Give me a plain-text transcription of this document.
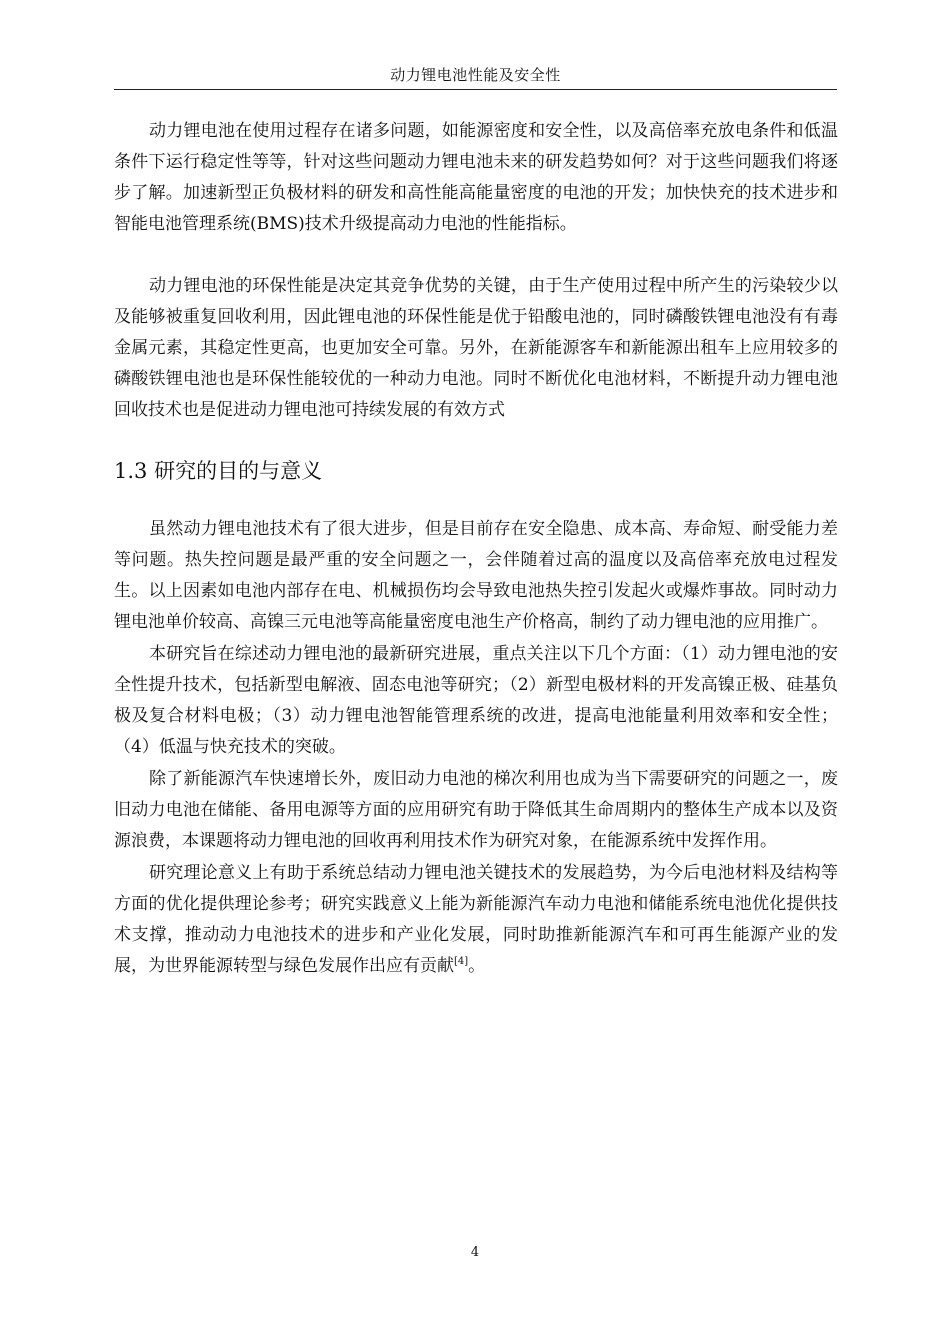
动力锂电池性能及安全性

动力锂电池在使用过程存在诸多问题，如能源密度和安全性，以及高倍率充放电条件和低温条件下运行稳定性等等，针对这些问题动力锂电池未来的研发趋势如何？对于这些问题我们将逐步了解。加速新型正负极材料的研发和高性能高能量密度的电池的开发；加快快充的技术进步和智能电池管理系统(BMS)技术升级提高动力电池的性能指标。

动力锂电池的环保性能是决定其竞争优势的关键，由于生产使用过程中所产生的污染较少以及能够被重复回收利用，因此锂电池的环保性能是优于铅酸电池的，同时磷酸铁锂电池没有有毒金属元素，其稳定性更高，也更加安全可靠。另外，在新能源客车和新能源出租车上应用较多的磷酸铁锂电池也是环保性能较优的一种动力电池。同时不断优化电池材料，不断提升动力锂电池回收技术也是促进动力锂电池可持续发展的有效方式

1.3 研究的目的与意义

虽然动力锂电池技术有了很大进步，但是目前存在安全隐患、成本高、寿命短、耐受能力差等问题。热失控问题是最严重的安全问题之一，会伴随着过高的温度以及高倍率充放电过程发生。以上因素如电池内部存在电、机械损伤均会导致电池热失控引发起火或爆炸事故。同时动力锂电池单价较高、高镍三元电池等高能量密度电池生产价格高，制约了动力锂电池的应用推广。

本研究旨在综述动力锂电池的最新研究进展，重点关注以下几个方面：（1）动力锂电池的安全性提升技术，包括新型电解液、固态电池等研究；（2）新型电极材料的开发高镍正极、硅基负极及复合材料电极；（3）动力锂电池智能管理系统的改进，提高电池能量利用效率和安全性；（4）低温与快充技术的突破。

除了新能源汽车快速增长外，废旧动力电池的梯次利用也成为当下需要研究的问题之一，废旧动力电池在储能、备用电源等方面的应用研究有助于降低其生命周期内的整体生产成本以及资源浪费，本课题将动力锂电池的回收再利用技术作为研究对象，在能源系统中发挥作用。

研究理论意义上有助于系统总结动力锂电池关键技术的发展趋势，为今后电池材料及结构等方面的优化提供理论参考；研究实践意义上能为新能源汽车动力电池和储能系统电池优化提供技术支撑，推动动力电池技术的进步和产业化发展，同时助推新能源汽车和可再生能源产业的发展，为世界能源转型与绿色发展作出应有贡献[4]。

4
